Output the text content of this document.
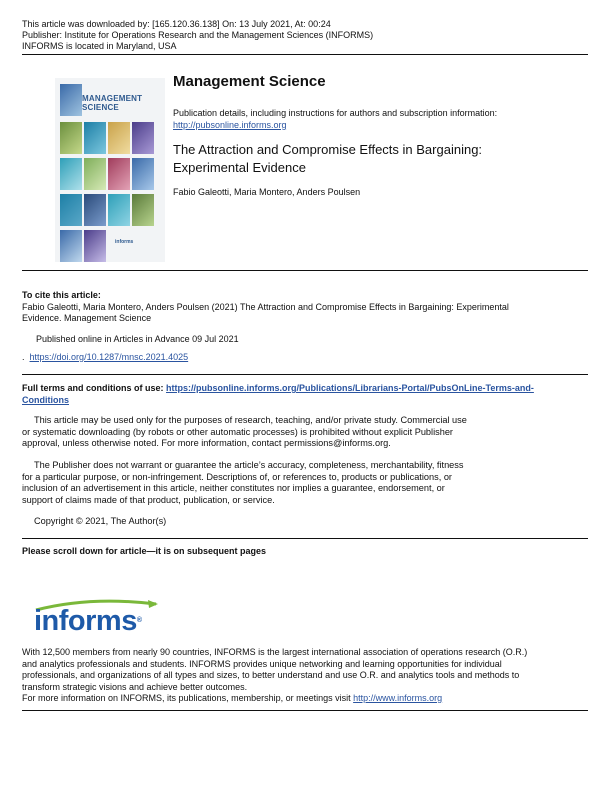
This article was downloaded by: [165.120.36.138] On: 13 July 2021, At: 00:24
Publisher: Institute for Operations Research and the Management Sciences (INFORMS)
INFORMS is located in Maryland, USA
MANAGEMENT
SCIENCE
informs
Management Science
Publication details, including instructions for authors and subscription information:
http://pubsonline.informs.org
The Attraction and Compromise Effects in Bargaining:
Experimental Evidence
Fabio Galeotti, Maria Montero, Anders Poulsen
To cite this article:
Fabio Galeotti, Maria Montero, Anders Poulsen (2021) The Attraction and Compromise Effects in Bargaining: Experimental
Evidence. Management Science
Published online in Articles in Advance 09 Jul 2021
. https://doi.org/10.1287/mnsc.2021.4025
Full terms and conditions of use: https://pubsonline.informs.org/Publications/Librarians-Portal/PubsOnLine-Terms-and-
Conditions
This article may be used only for the purposes of research, teaching, and/or private study. Commercial use
or systematic downloading (by robots or other automatic processes) is prohibited without explicit Publisher
approval, unless otherwise noted. For more information, contact permissions@informs.org.
The Publisher does not warrant or guarantee the article’s accuracy, completeness, merchantability, fitness
for a particular purpose, or non-infringement. Descriptions of, or references to, products or publications, or
inclusion of an advertisement in this article, neither constitutes nor implies a guarantee, endorsement, or
support of claims made of that product, publication, or service.
Copyright © 2021, The Author(s)
Please scroll down for article—it is on subsequent pages
informs®
With 12,500 members from nearly 90 countries, INFORMS is the largest international association of operations research (O.R.)
and analytics professionals and students. INFORMS provides unique networking and learning opportunities for individual
professionals, and organizations of all types and sizes, to better understand and use O.R. and analytics tools and methods to
transform strategic visions and achieve better outcomes.
For more information on INFORMS, its publications, membership, or meetings visit http://www.informs.org
